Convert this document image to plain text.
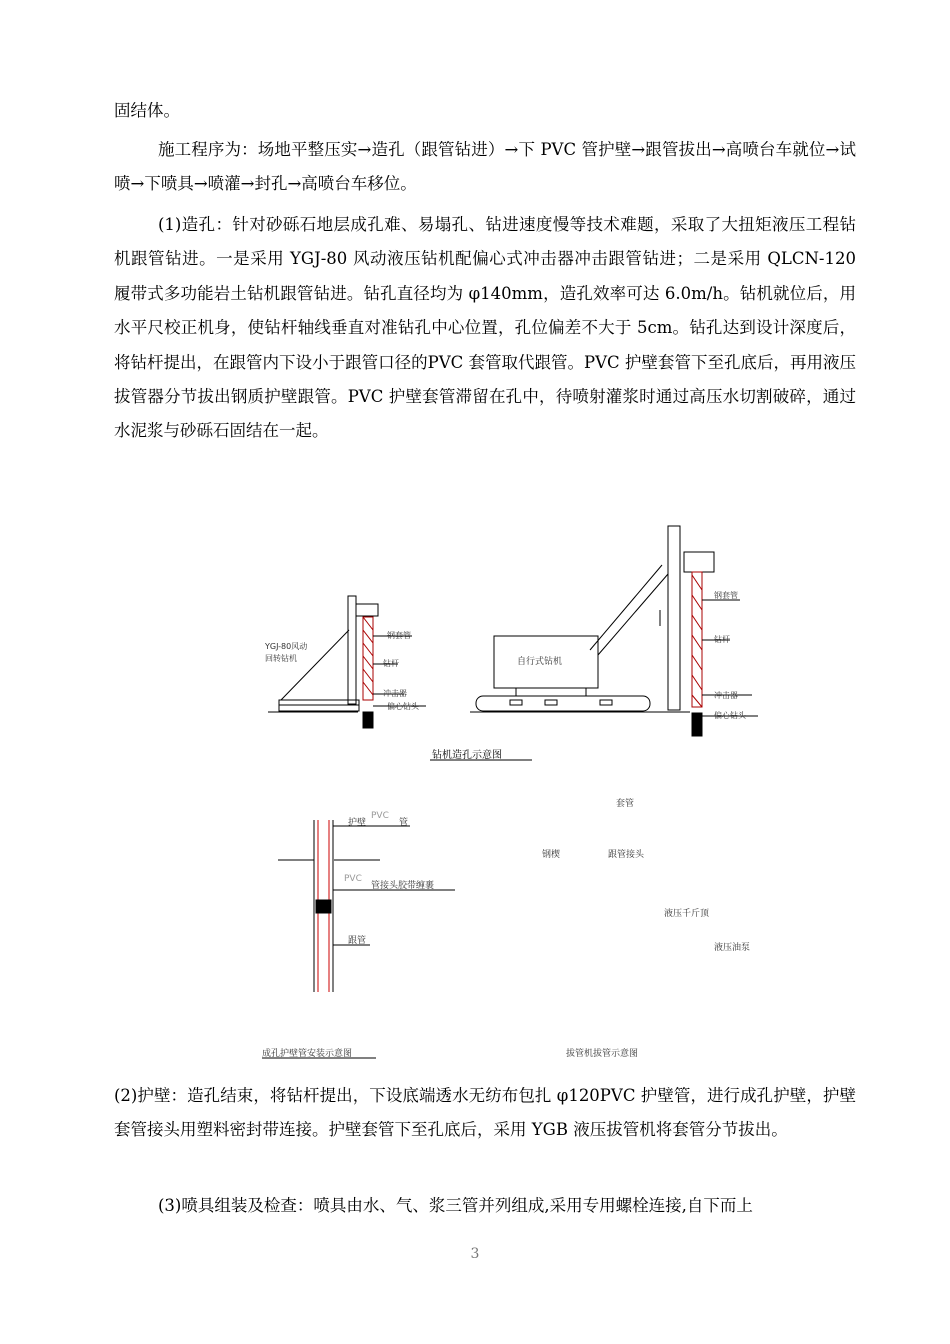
固结体。

施工程序为：场地平整压实→造孔（跟管钻进）→下 PVC 管护壁→跟管拔出→高喷台车就位→试喷→下喷具→喷灌→封孔→高喷台车移位。

(1)造孔：针对砂砾石地层成孔难、易塌孔、钻进速度慢等技术难题，采取了大扭矩液压工程钻机跟管钻进。一是采用 YGJ-80 风动液压钻机配偏心式冲击器冲击跟管钻进；二是采用 QLCN-120 履带式多功能岩土钻机跟管钻进。钻孔直径均为 φ140mm，造孔效率可达 6.0m/h。钻机就位后，用水平尺校正机身，使钻杆轴线垂直对准钻孔中心位置，孔位偏差不大于 5cm。钻孔达到设计深度后，将钻杆提出，在跟管内下设小于跟管口径的PVC 套管取代跟管。PVC 护壁套管下至孔底后，再用液压拔管器分节拔出钢质护壁跟管。PVC 护壁套管滞留在孔中，待喷射灌浆时通过高压水切割破碎，通过水泥浆与砂砾石固结在一起。

YGJ-80风动
回转钻机
钢套管
钻杆
冲击器
偏心钻头
自行式钻机
钢套管
钻杆
冲击器
偏心钻头
钻机造孔示意图
护壁
PVC
管
PVC
管接头胶带缠裹
跟管
成孔护壁管安装示意图
套管
钢楔	跟管接头
液压千斤顶
液压油泵
拔管机拔管示意图

(2)护壁：造孔结束，将钻杆提出，下设底端透水无纺布包扎 φ120PVC 护壁管，进行成孔护壁，护壁套管接头用塑料密封带连接。护壁套管下至孔底后，采用 YGB 液压拔管机将套管分节拔出。

(3)喷具组装及检查：喷具由水、气、浆三管并列组成,采用专用螺栓连接,自下而上

3
